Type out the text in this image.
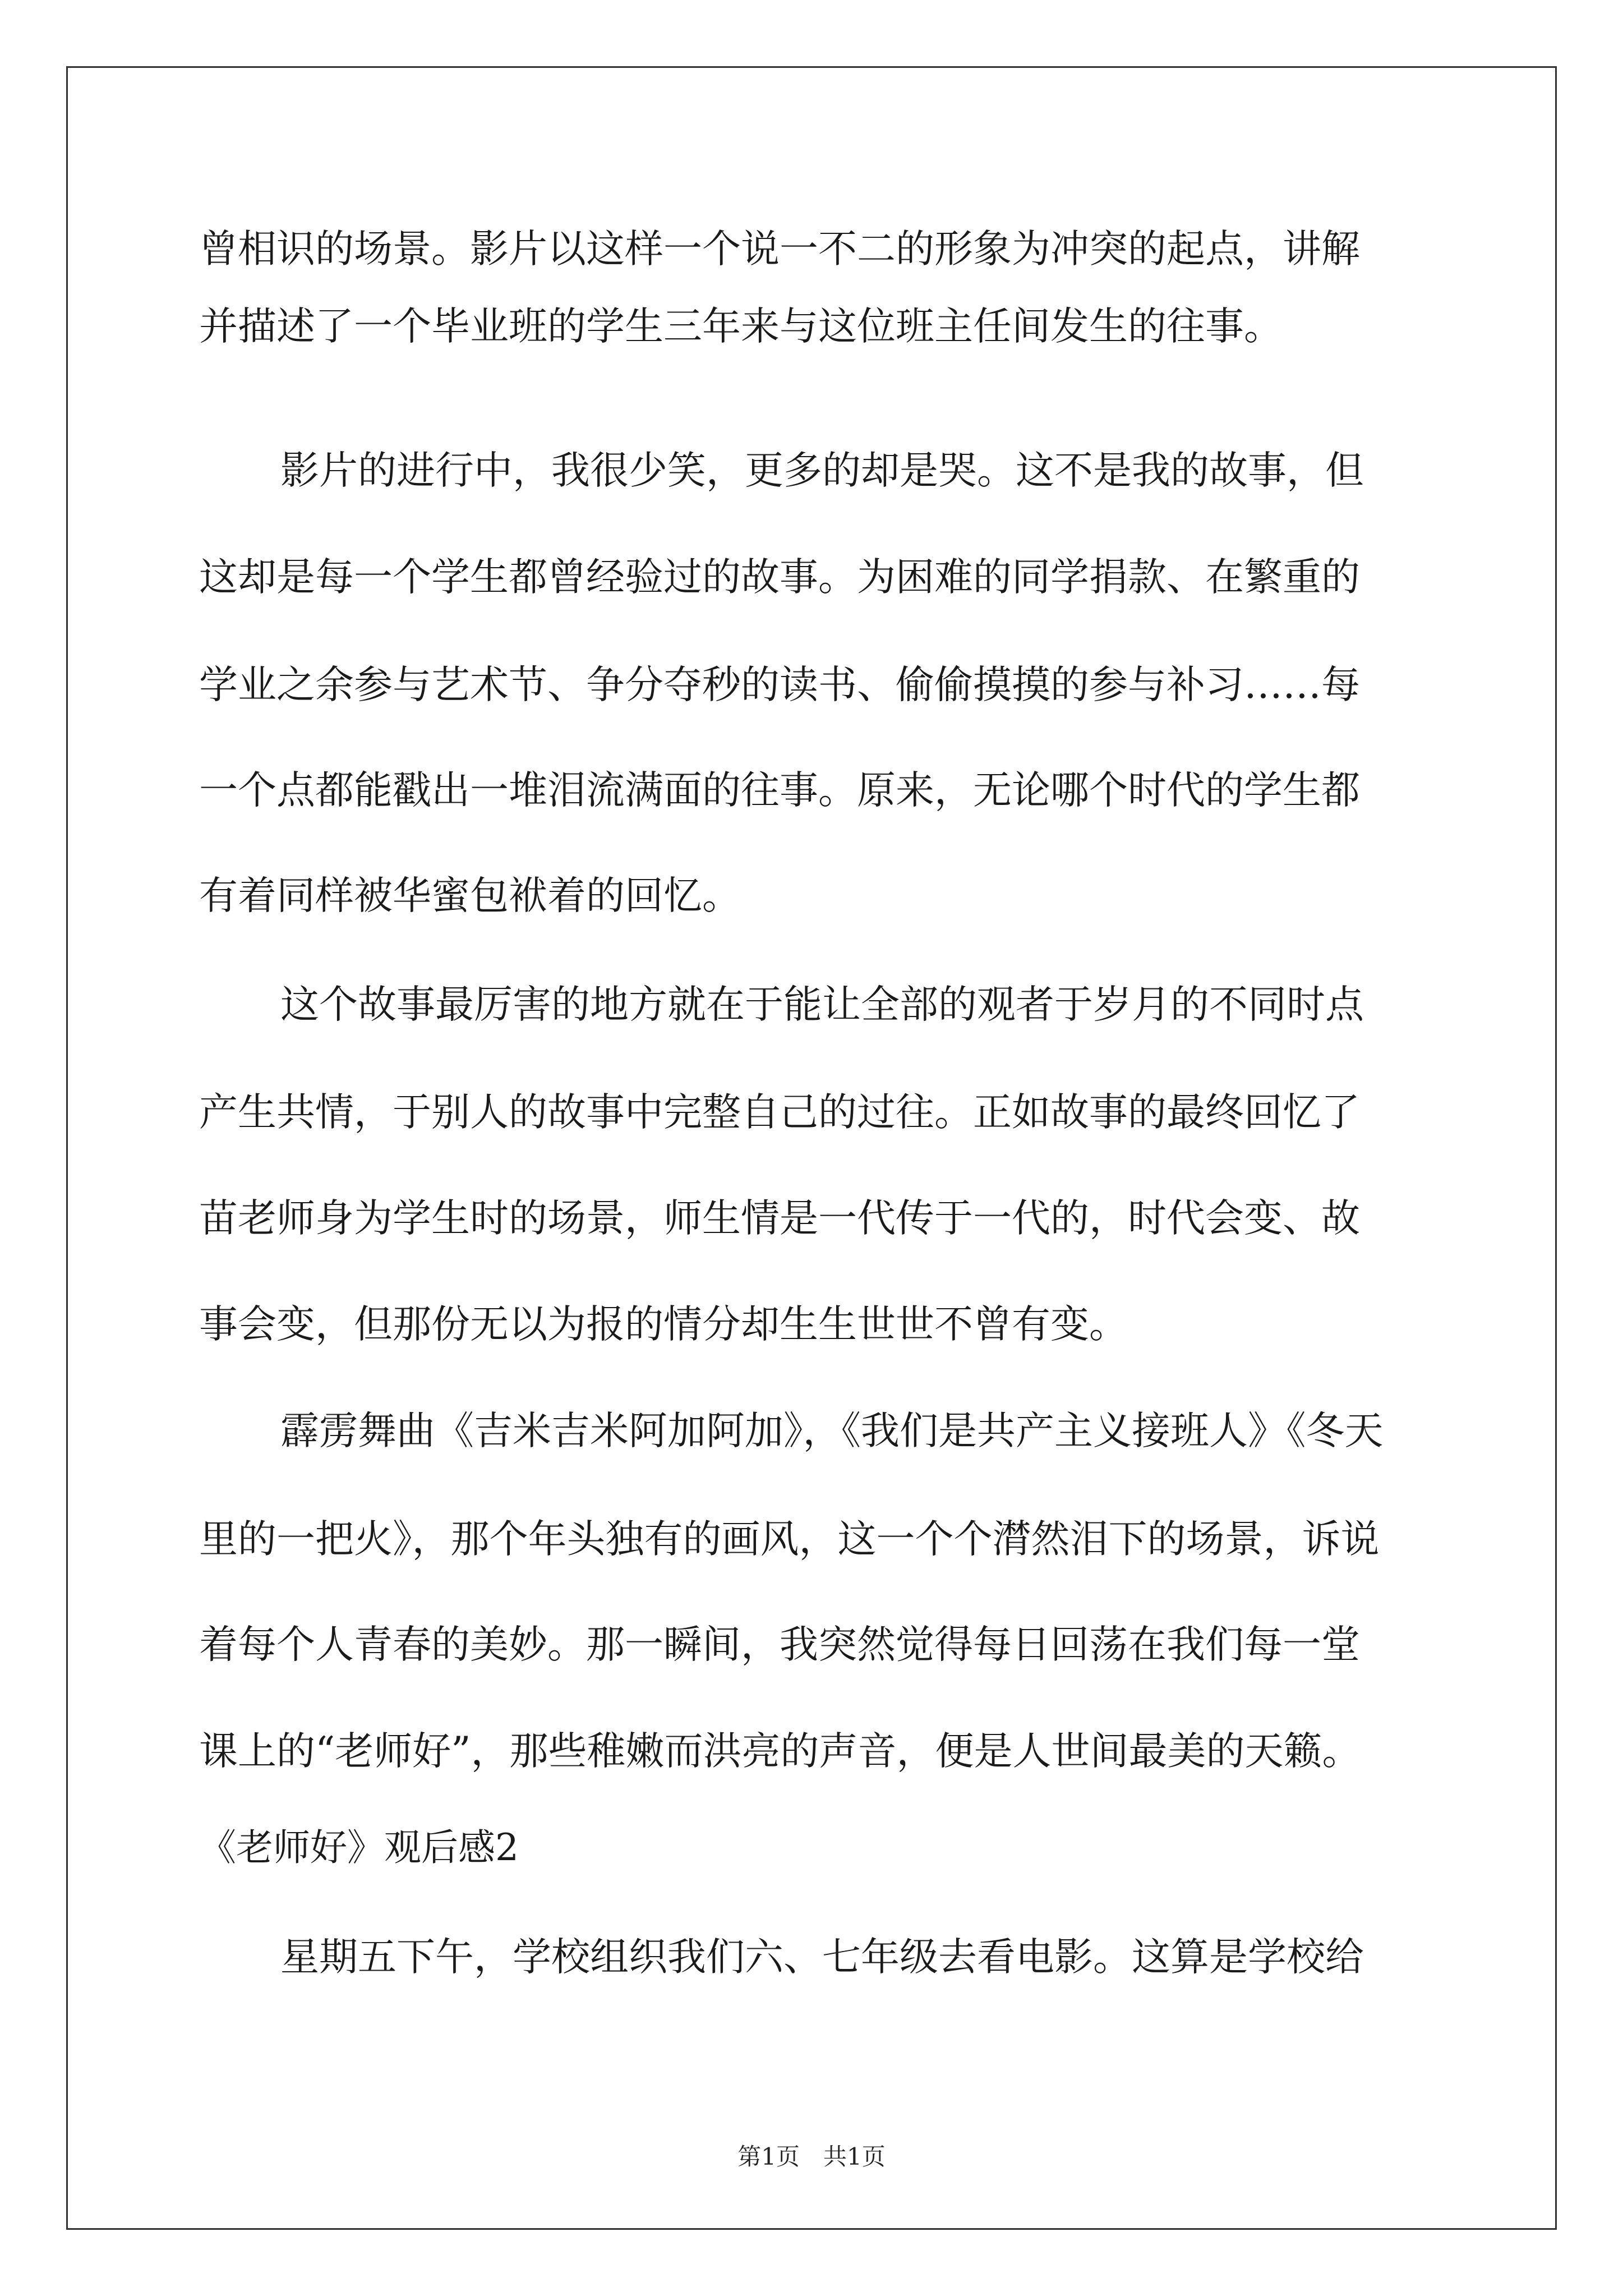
曾相识的场景。影片以这样一个说一不二的形象为冲突的起点，讲解

并描述了一个毕业班的学生三年来与这位班主任间发生的往事。

影片的进行中，我很少笑，更多的却是哭。这不是我的故事，但

这却是每一个学生都曾经验过的故事。为困难的同学捐款、在繁重的

学业之余参与艺术节、争分夺秒的读书、偷偷摸摸的参与补习……每

一个点都能戳出一堆泪流满面的往事。原来，无论哪个时代的学生都

有着同样被华蜜包袱着的回忆。

这个故事最厉害的地方就在于能让全部的观者于岁月的不同时点

产生共情，于别人的故事中完整自己的过往。正如故事的最终回忆了

苗老师身为学生时的场景，师生情是一代传于一代的，时代会变、故

事会变，但那份无以为报的情分却生生世世不曾有变。

霹雳舞曲《吉米吉米阿加阿加》，《我们是共产主义接班人》《冬天

里的一把火》，那个年头独有的画风，这一个个潸然泪下的场景，诉说

着每个人青春的美妙。那一瞬间，我突然觉得每日回荡在我们每一堂

课上的“老师好”，那些稚嫩而洪亮的声音，便是人世间最美的天籁。

《老师好》观后感2

星期五下午，学校组织我们六、七年级去看电影。这算是学校给

第1页　共1页
